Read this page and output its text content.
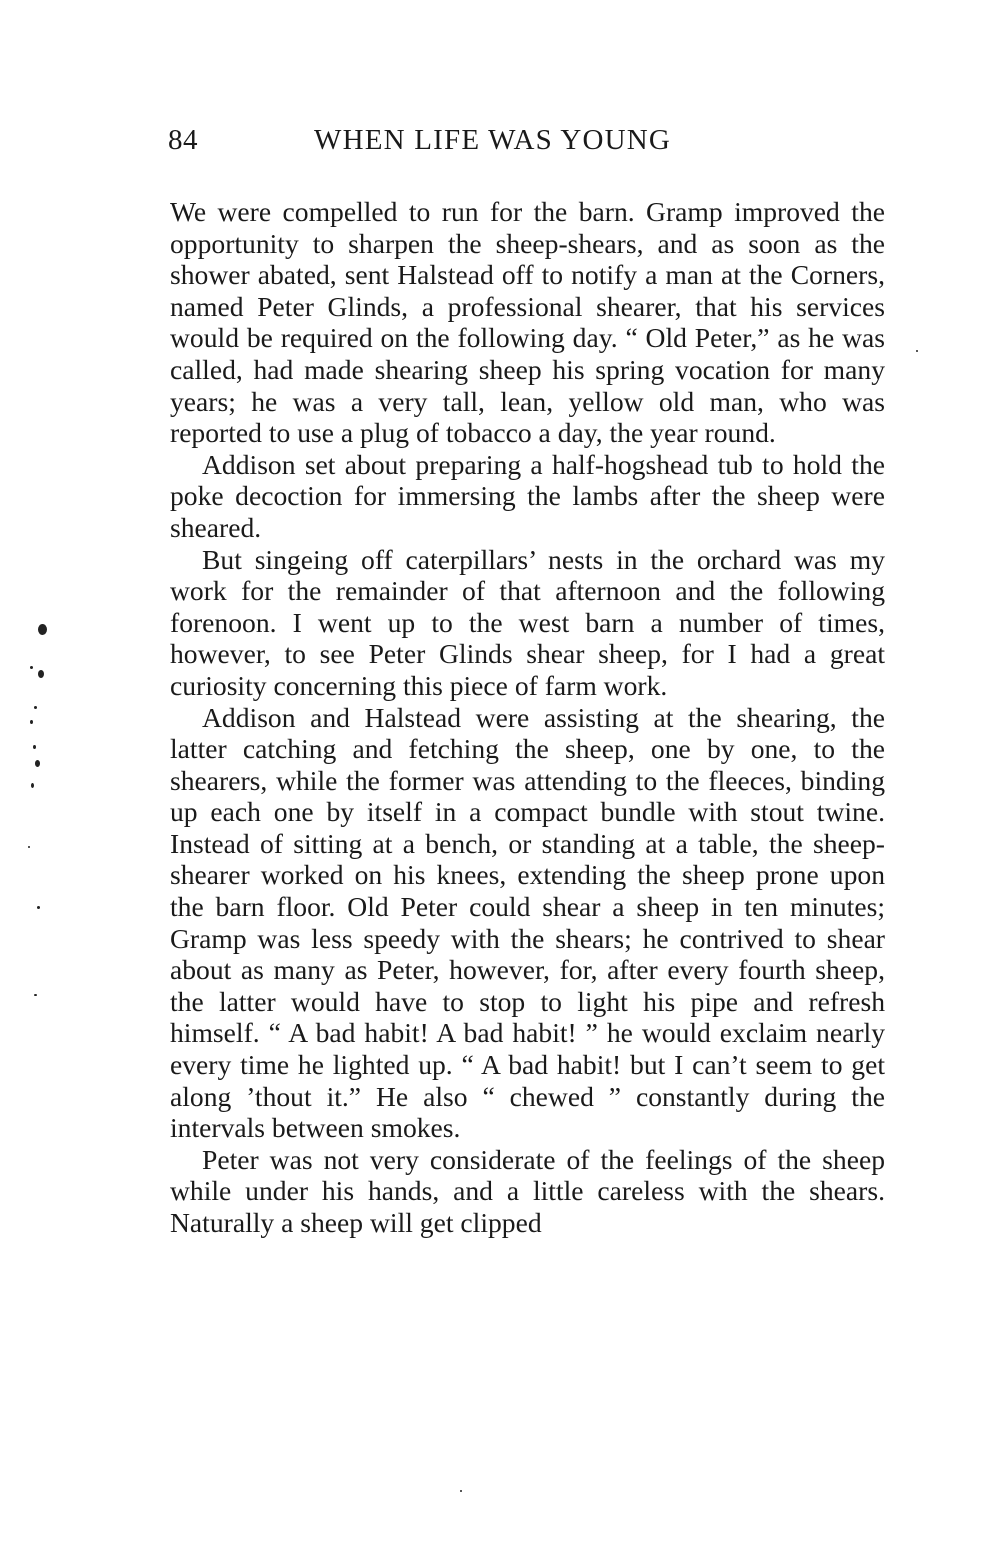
84	WHEN LIFE WAS YOUNG

We were compelled to run for the barn. Gramp improved the opportunity to sharpen the sheep-shears, and as soon as the shower abated, sent Halstead off to notify a man at the Corners, named Peter Glinds, a professional shearer, that his services would be required on the following day. “ Old Peter,” as he was called, had made shearing sheep his spring vocation for many years; he was a very tall, lean, yellow old man, who was reported to use a plug of tobacco a day, the year round.

Addison set about preparing a half-hogshead tub to hold the poke decoction for immersing the lambs after the sheep were sheared.

But singeing off caterpillars’ nests in the orchard was my work for the remainder of that afternoon and the following forenoon. I went up to the west barn a number of times, however, to see Peter Glinds shear sheep, for I had a great curiosity concerning this piece of farm work.

Addison and Halstead were assisting at the shearing, the latter catching and fetching the sheep, one by one, to the shearers, while the former was attending to the fleeces, binding up each one by itself in a compact bundle with stout twine. Instead of sitting at a bench, or standing at a table, the sheep-shearer worked on his knees, extending the sheep prone upon the barn floor. Old Peter could shear a sheep in ten minutes; Gramp was less speedy with the shears; he contrived to shear about as many as Peter, however, for, after every fourth sheep, the latter would have to stop to light his pipe and refresh himself. “ A bad habit! A bad habit! ” he would exclaim nearly every time he lighted up. “ A bad habit! but I can’t seem to get along ’thout it.” He also “ chewed ” constantly during the intervals between smokes.

Peter was not very considerate of the feelings of the sheep while under his hands, and a little careless with the shears. Naturally a sheep will get clipped
